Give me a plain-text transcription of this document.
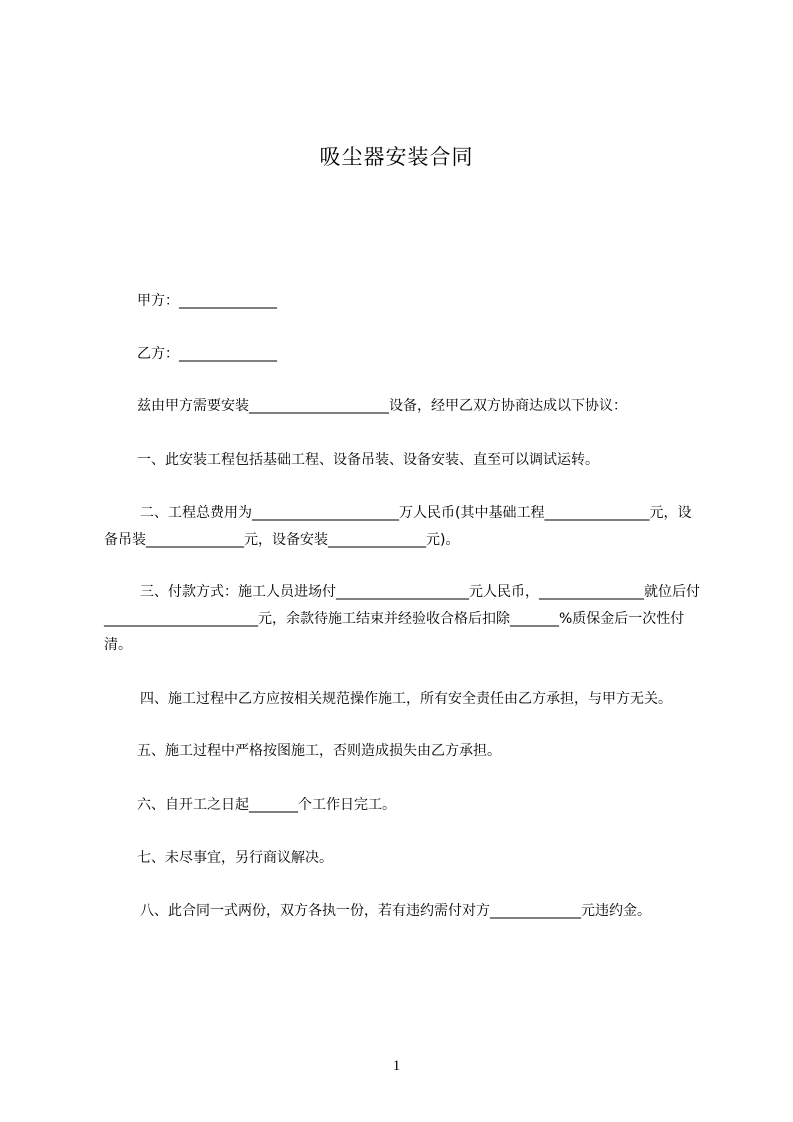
吸尘器安装合同

甲方：______________

乙方：______________

兹由甲方需要安装____________________设备，经甲乙双方协商达成以下协议：

一、此安装工程包括基础工程、设备吊装、设备安装、直至可以调试运转。

二、工程总费用为_____________________万人民币(其中基础工程_______________元，设备吊装______________元，设备安装______________元)。

三、付款方式：施工人员进场付___________________元人民币，_______________就位后付______________________元，余款待施工结束并经验收合格后扣除_______%质保金后一次性付清。

四、施工过程中乙方应按相关规范操作施工，所有安全责任由乙方承担，与甲方无关。

五、施工过程中严格按图施工，否则造成损失由乙方承担。

六、自开工之日起_______个工作日完工。

七、未尽事宜，另行商议解决。

八、此合同一式两份，双方各执一份，若有违约需付对方_____________元违约金。

1
